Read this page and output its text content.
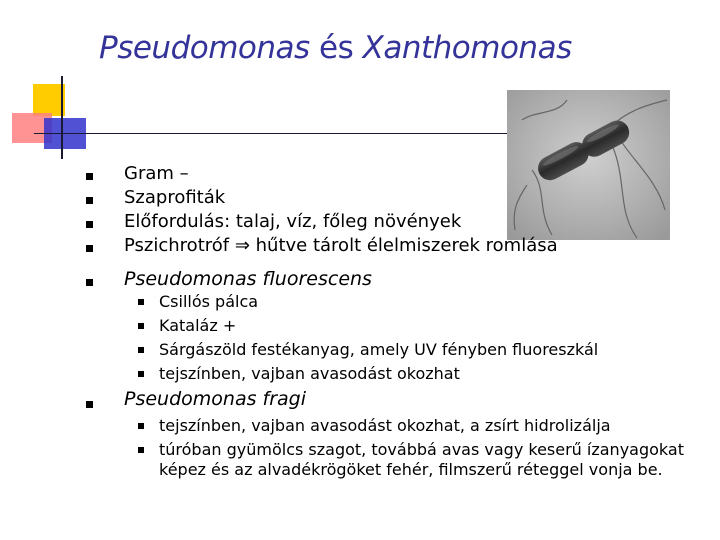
Pseudomonas és Xanthomonas
Gram –
Szaprofiták
Előfordulás: talaj, víz, főleg növények
Pszichrotróf ⇒ hűtve tárolt élelmiszerek romlása
Pseudomonas fluorescens
Csillós pálca
Kataláz +
Sárgászöld festékanyag, amely UV fényben fluoreszkál
tejszínben, vajban avasodást okozhat
Pseudomonas fragi
tejszínben, vajban avasodást okozhat, a zsírt hidrolizálja
túróban gyümölcs szagot, továbbá avas vagy keserű ízanyagokat
képez és az alvadékrögöket fehér, filmszerű réteggel vonja be.
